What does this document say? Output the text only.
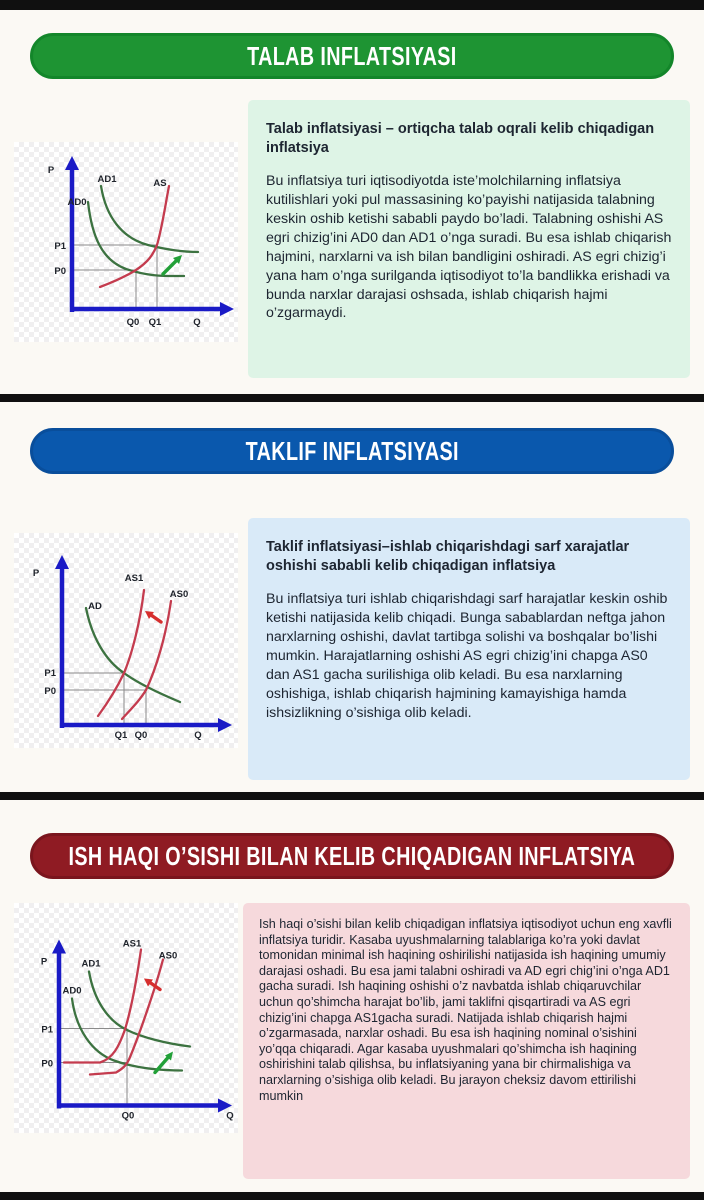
TALAB INFLATSIYASI
P
AD1	AS
AD0
P1
P0
Q0 Q1	Q

Talab inflatsiyasi – ortiqcha talab oqrali kelib chiqadigan inflatsiya

Bu inflatsiya turi iqtisodiyotda iste’molchilarning inflatsiya kutilishlari yoki pul massasining ko’payishi natijasida talabning keskin oshib ketishi sababli paydo bo’ladi. Talabning oshishi AS egri chizig’ini AD0 dan AD1 o’nga suradi. Bu esa ishlab chiqarish hajmini, narxlarni va ish bilan bandligini oshiradi. AS egri chizig’i yana ham o’nga surilganda iqtisodiyot to’la bandlikka erishadi va bunda narxlar darajasi oshsada, ishlab chiqarish hajmi o’zgarmaydi.

TAKLIF INFLATSIYASI
P	AS1
AS0
AD
P1
P0
Q1 Q0	Q

Taklif inflatsiyasi–ishlab chiqarishdagi sarf xarajatlar oshishi sababli kelib chiqadigan inflatsiya

Bu inflatsiya turi ishlab chiqarishdagi sarf harajatlar keskin oshib ketishi natijasida kelib chiqadi. Bunga sabablardan neftga jahon narxlarning oshishi, davlat tartibga solishi va boshqalar bo’lishi mumkin. Harajatlarning oshishi AS egri chizig’ini chapga AS0 dan AS1 gacha surilishiga olib keladi. Bu esa narxlarning oshishiga, ishlab chiqarish hajmining kamayishiga hamda ishsizlikning o’sishiga olib keladi.

ISH HAQI O’SISHI BILAN KELIB CHIQADIGAN INFLATSIYA
P
AS1
AS0
AD1
AD0
P1
P0
Q0	Q

Ish haqi o’sishi bilan kelib chiqadigan inflatsiya iqtisodiyot uchun eng xavfli inflatsiya turidir. Kasaba uyushmalarning talablariga ko’ra yoki davlat tomonidan minimal ish haqining oshirilishi natijasida ish haqining umumiy darajasi oshadi. Bu esa jami talabni oshiradi va AD egri chig’ini o’nga AD1 gacha suradi. Ish haqining oshishi o’z navbatda ishlab chiqaruvchilar uchun qo’shimcha harajat bo’lib, jami taklifni qisqartiradi va AS egri chizig’ini chapga AS1gacha suradi. Natijada ishlab chiqarish hajmi o’zgarmasada, narxlar oshadi. Bu esa ish haqining nominal o’sishini yo’qqa chiqaradi. Agar kasaba uyushmalari qo’shimcha ish haqining oshirishini talab qilishsa, bu inflatsiyaning yana bir chirmalishiga va narxlarning o’sishiga olib keladi. Bu jarayon cheksiz davom ettirilishi mumkin
